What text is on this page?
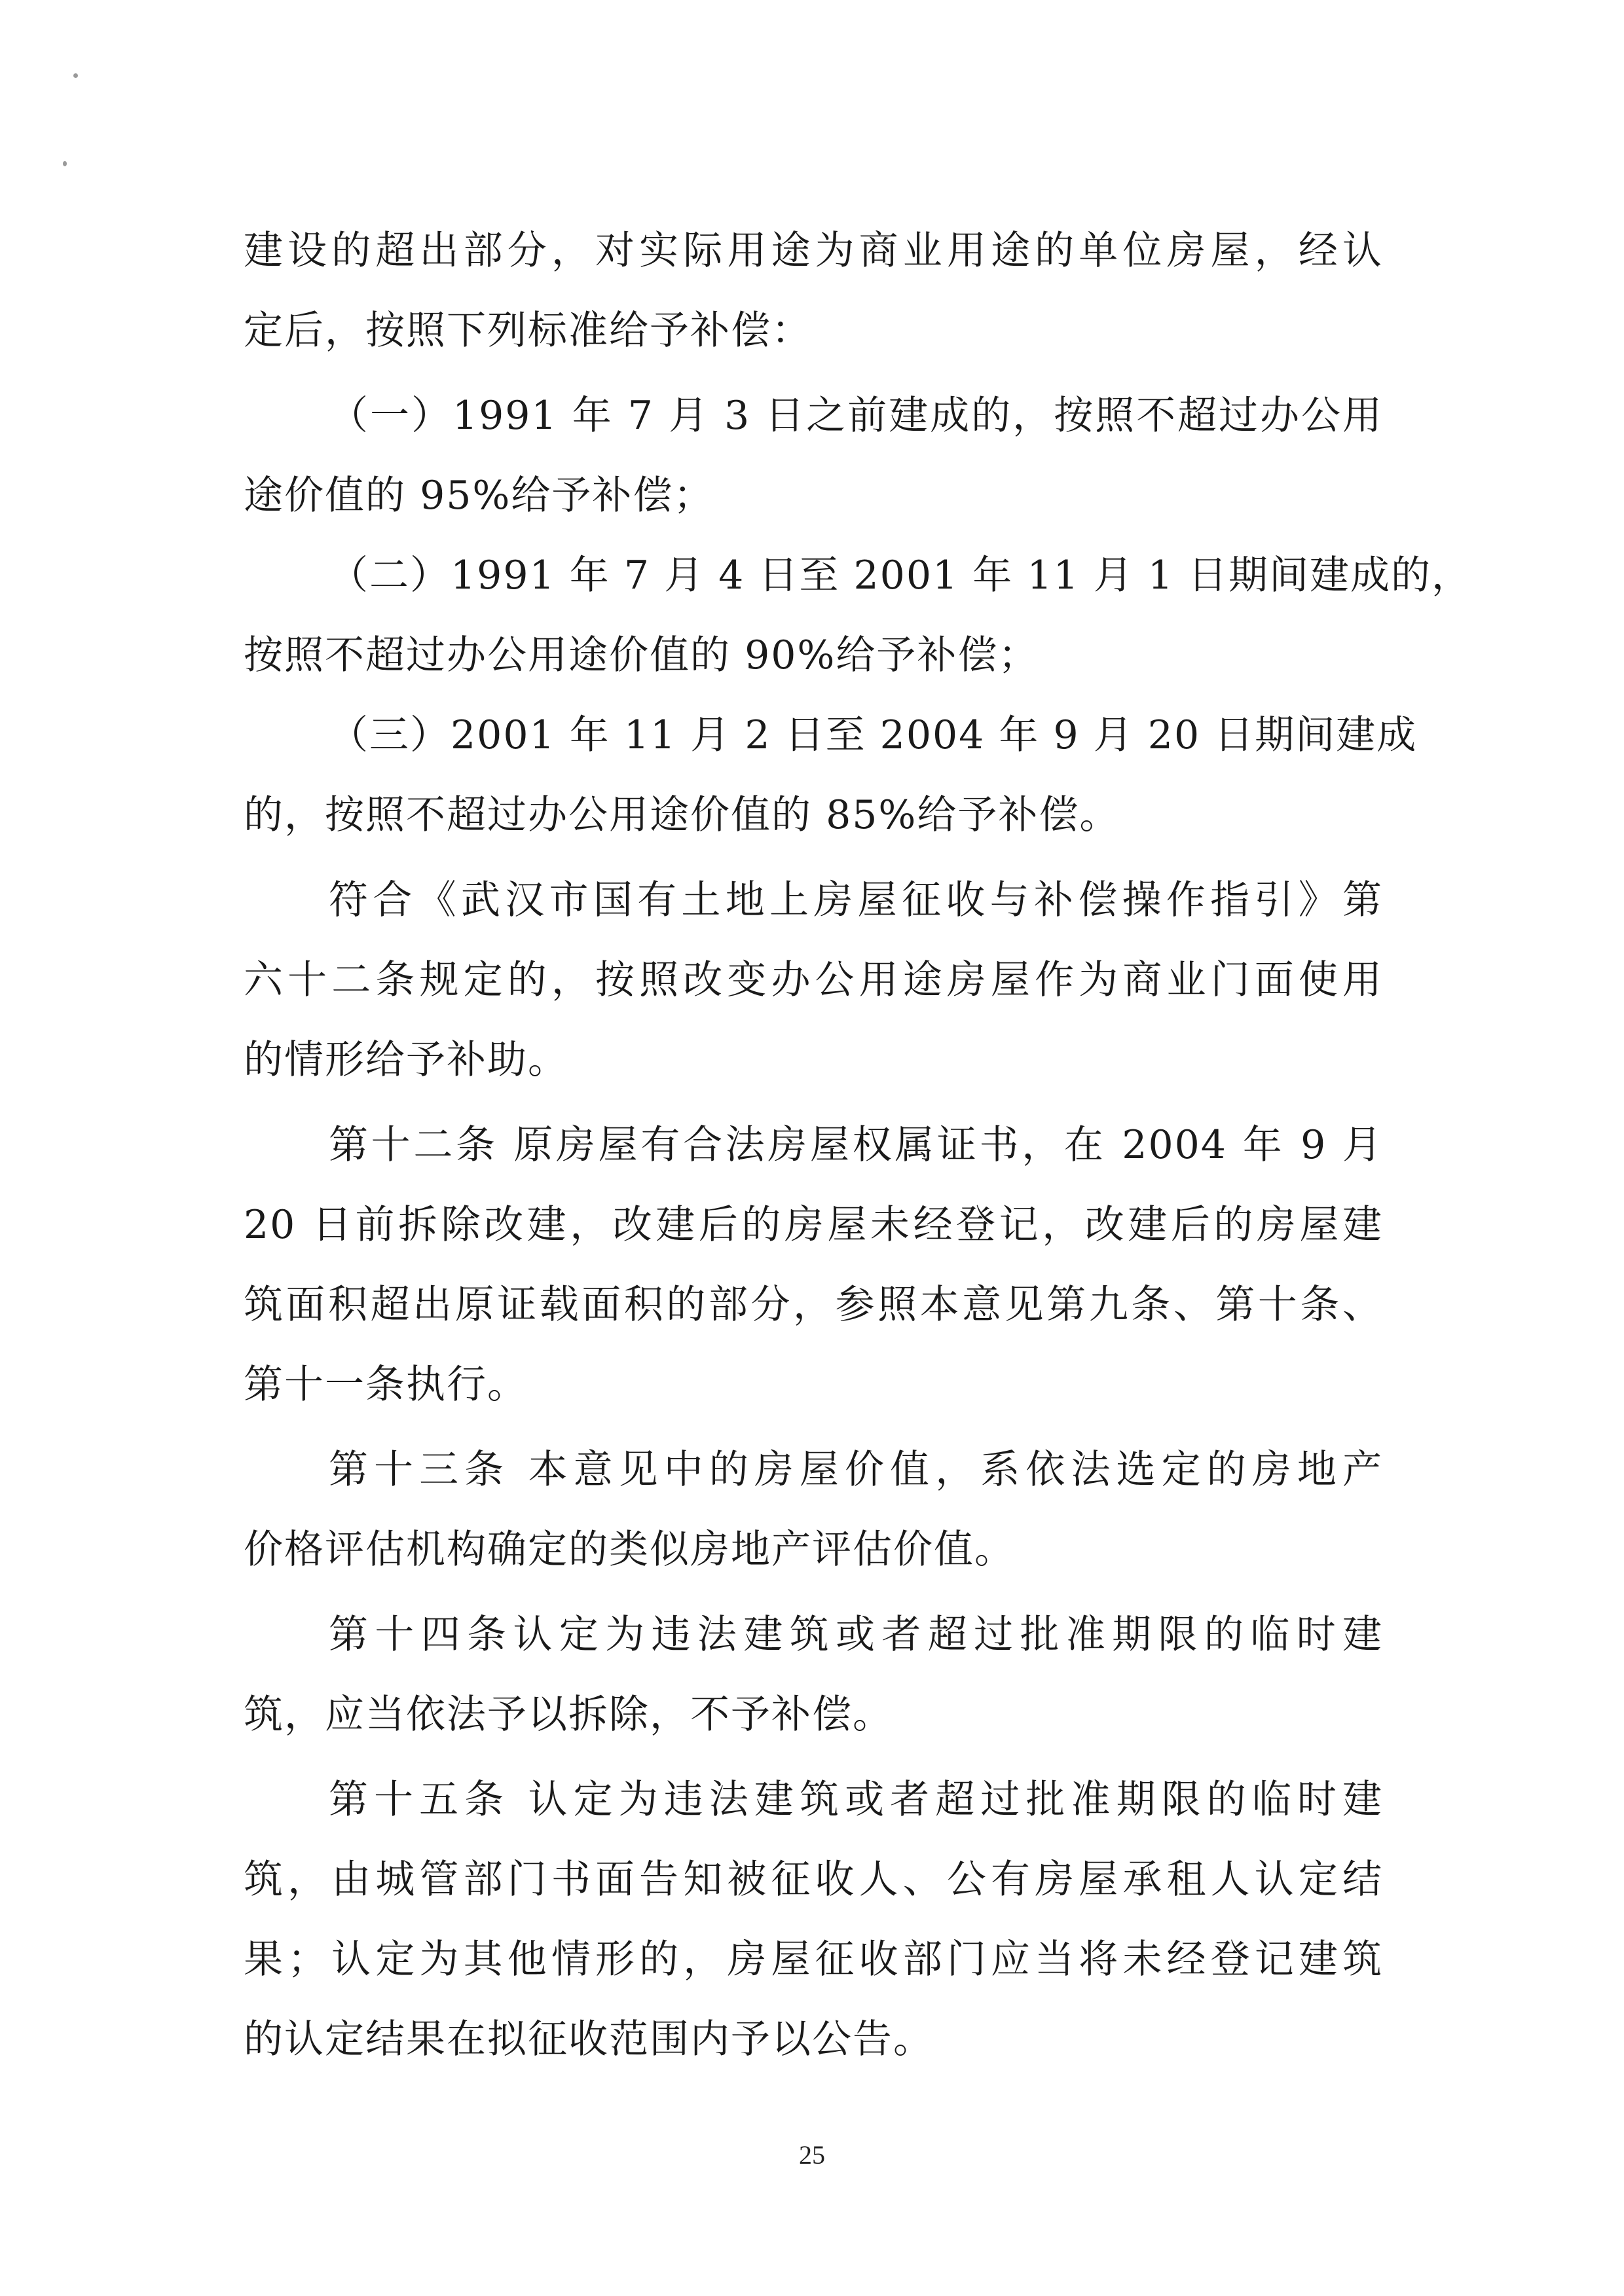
建设的超出部分，对实际用途为商业用途的单位房屋，经认
定后，按照下列标准给予补偿：
（一）1991 年 7 月 3 日之前建成的，按照不超过办公用
途价值的 95%给予补偿；
（二）1991 年 7 月 4 日至 2001 年 11 月 1 日期间建成的，
按照不超过办公用途价值的 90%给予补偿；
（三）2001 年 11 月 2 日至 2004 年 9 月 20 日期间建成
的，按照不超过办公用途价值的 85%给予补偿。
符合《武汉市国有土地上房屋征收与补偿操作指引》第
六十二条规定的，按照改变办公用途房屋作为商业门面使用
的情形给予补助。
第十二条 原房屋有合法房屋权属证书，在 2004 年 9 月
20 日前拆除改建，改建后的房屋未经登记，改建后的房屋建
筑面积超出原证载面积的部分，参照本意见第九条、第十条、
第十一条执行。
第十三条 本意见中的房屋价值，系依法选定的房地产
价格评估机构确定的类似房地产评估价值。
第十四条认定为违法建筑或者超过批准期限的临时建
筑，应当依法予以拆除，不予补偿。
第十五条 认定为违法建筑或者超过批准期限的临时建
筑，由城管部门书面告知被征收人、公有房屋承租人认定结
果；认定为其他情形的，房屋征收部门应当将未经登记建筑
的认定结果在拟征收范围内予以公告。
25
